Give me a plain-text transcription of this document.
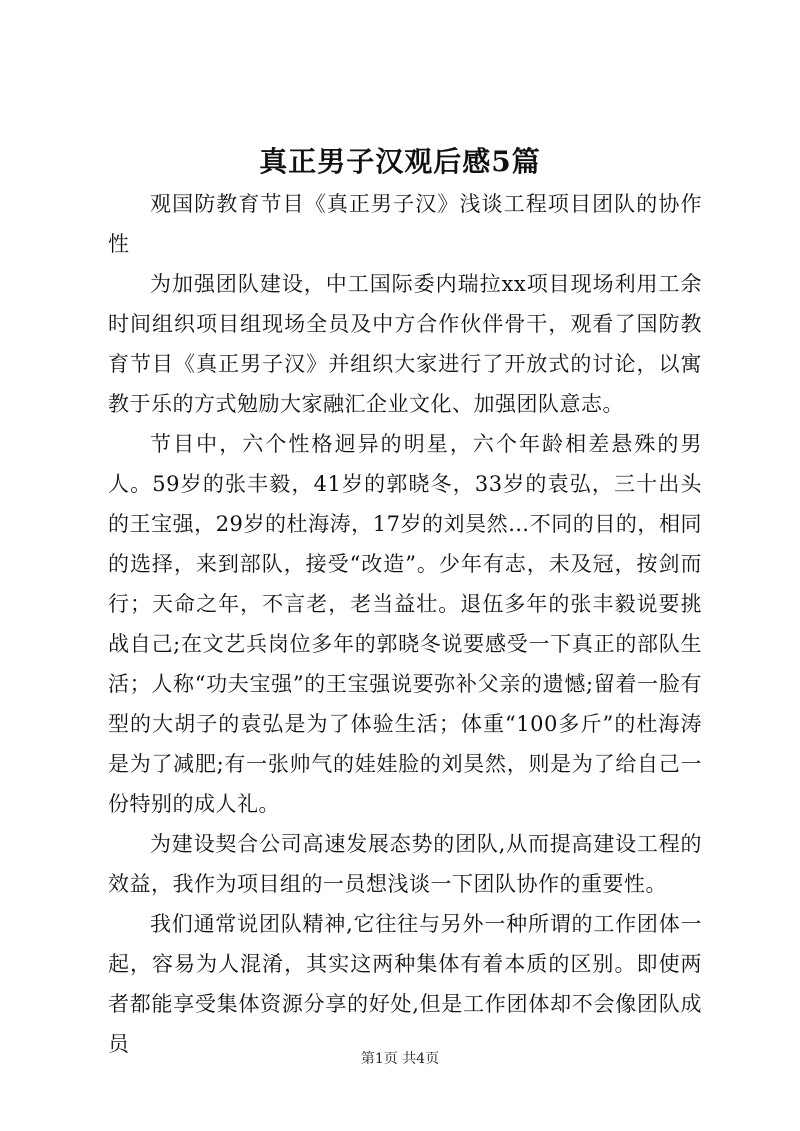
真正男子汉观后感5篇

观国防教育节目《真正男子汉》浅谈工程项目团队的协作性

为加强团队建设，中工国际委内瑞拉xx项目现场利用工余时间组织项目组现场全员及中方合作伙伴骨干，观看了国防教育节目《真正男子汉》并组织大家进行了开放式的讨论，以寓教于乐的方式勉励大家融汇企业文化、加强团队意志。

节目中，六个性格迥异的明星，六个年龄相差悬殊的男人。59岁的张丰毅，41岁的郭晓冬，33岁的袁弘，三十出头的王宝强，29岁的杜海涛，17岁的刘昊然…不同的目的，相同的选择，来到部队，接受“改造”。少年有志，未及冠，按剑而行；天命之年，不言老，老当益壮。退伍多年的张丰毅说要挑战自己;在文艺兵岗位多年的郭晓冬说要感受一下真正的部队生活；人称“功夫宝强”的王宝强说要弥补父亲的遗憾;留着一脸有型的大胡子的袁弘是为了体验生活；体重“100多斤”的杜海涛是为了减肥;有一张帅气的娃娃脸的刘昊然，则是为了给自己一份特别的成人礼。

为建设契合公司高速发展态势的团队,从而提高建设工程的效益，我作为项目组的一员想浅谈一下团队协作的重要性。

我们通常说团队精神,它往往与另外一种所谓的工作团体一起，容易为人混淆，其实这两种集体有着本质的区别。即使两者都能享受集体资源分享的好处,但是工作团体却不会像团队成员

第1页 共4页
